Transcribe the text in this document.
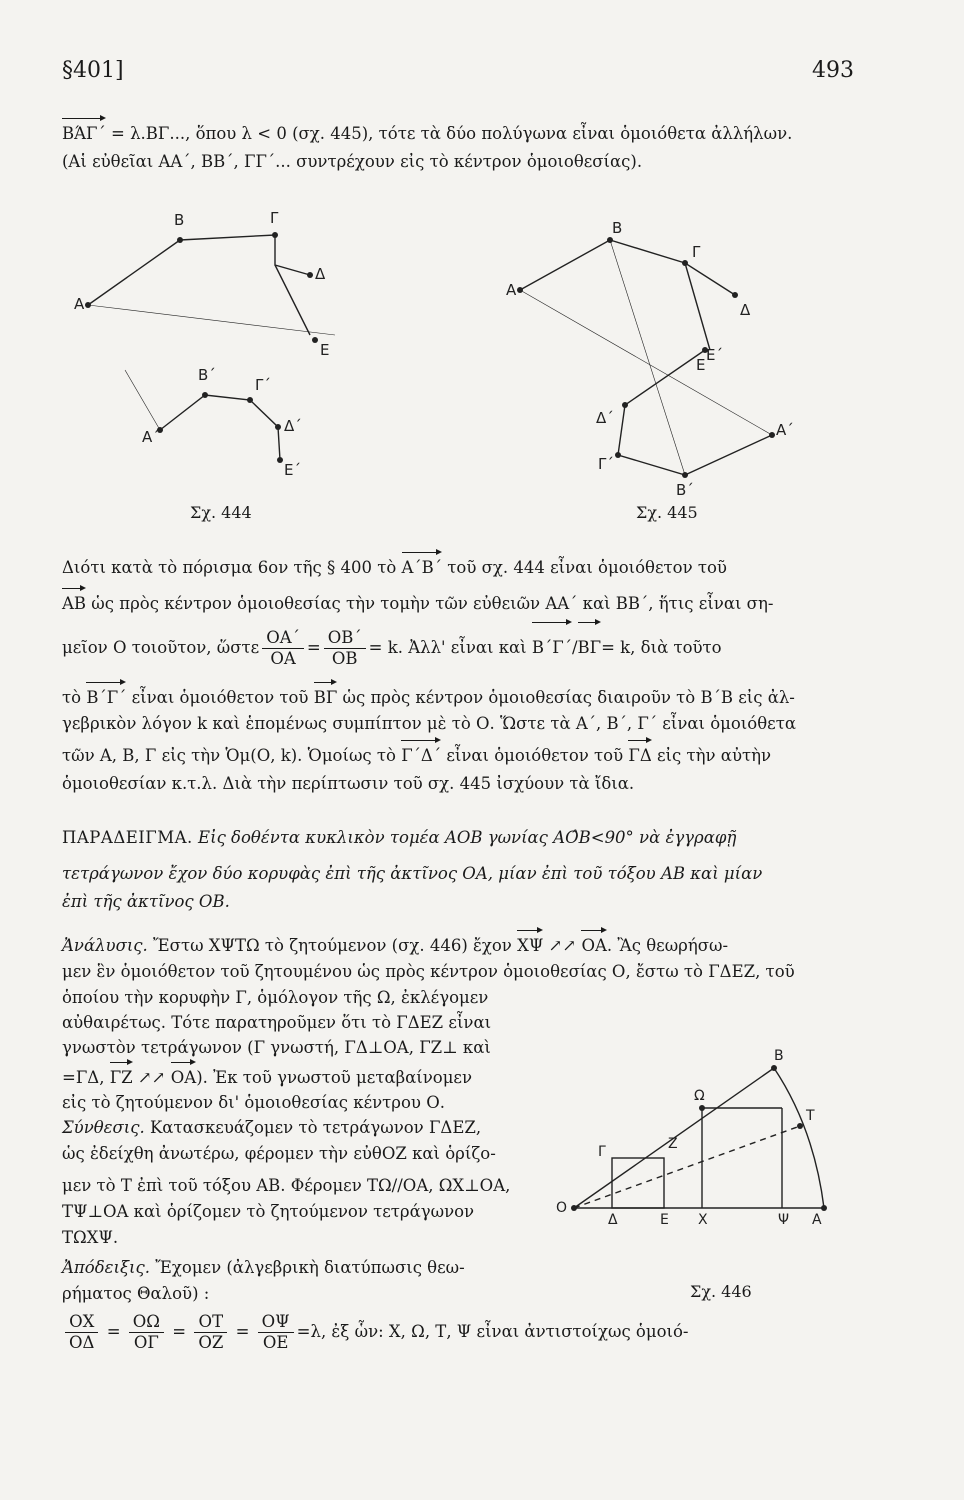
§401]	493
ΒΆΓ΄ = λ.ΒΓ..., ὅπου λ < 0 (σχ. 445), τότε τὰ δύο πολύγωνα εἶναι ὁμοιόθετα ἀλλήλων.
(Αἱ εὐθεῖαι ΑΑ΄, ΒΒ΄, ΓΓ΄... συντρέχουν εἰς τὸ κέντρον ὁμοιοθεσίας).
Α
Β	Γ
Δ
Ε
Α΄
Β΄
Γ΄
Δ΄
Ε΄
Σχ. 444
Α
Β
Γ
Δ
Ε
Ε΄
Δ΄
Γ΄
Β΄
Α΄
Σχ. 445
Διότι κατὰ τὸ πόρισμα 6ον τῆς § 400 τὸ Α΄Β΄ τοῦ σχ. 444 εἶναι ὁμοιόθετον τοῦ
ΑΒ ὡς πρὸς κέντρον ὁμοιοθεσίας τὴν τομὴν τῶν εὐθειῶν ΑΑ΄ καὶ ΒΒ΄, ἥτις εἶναι ση-
μεῖον Ο τοιοῦτον, ὥστε $\frac{OA΄}{OA} = \frac{OB΄}{OB} = k$. Ἀλλ' εἶναι καὶ Β΄Γ΄/ΒΓ= k, διὰ τοῦτο
τὸ Β΄Γ΄ εἶναι ὁμοιόθετον τοῦ ΒΓ ὡς πρὸς κέντρον ὁμοιοθεσίας διαιροῦν τὸ Β΄Β εἰς ἀλ-
γεβρικὸν λόγον k καὶ ἑπομένως συμπίπτον μὲ τὸ Ο. Ὥστε τὰ Α΄, Β΄, Γ΄ εἶναι ὁμοιόθετα
τῶν Α, Β, Γ εἰς τὴν Ὁμ(Ο, k). Ὁμοίως τὸ Γ΄Δ΄ εἶναι ὁμοιόθετον τοῦ ΓΔ εἰς τὴν αὐτὴν
ὁμοιοθεσίαν κ.τ.λ. Διὰ τὴν περίπτωσιν τοῦ σχ. 445 ἰσχύουν τὰ ἴδια.
ΠΑΡΑΔΕΙΓΜΑ. Εἰς δοθέντα κυκλικὸν τομέα ΑΟΒ γωνίας ΑΟ̂Β<90° νὰ ἐγγραφῇ
τετράγωνον ἔχον δύο κορυφὰς ἐπὶ τῆς ἀκτῖνος ΟΑ, μίαν ἐπὶ τοῦ τόξου ΑΒ καὶ μίαν
ἐπὶ τῆς ἀκτῖνος ΟΒ.
Ἀνάλυσις. Ἔστω ΧΨΤΩ τὸ ζητούμενον (σχ. 446) ἔχον ΧΨ ↗↗ ΟΑ. Ἂς θεωρήσω-
μεν ἓν ὁμοιόθετον τοῦ ζητουμένου ὡς πρὸς κέντρον ὁμοιοθεσίας Ο, ἔστω τὸ ΓΔΕΖ, τοῦ
ὁποίου τὴν κορυφὴν Γ, ὁμόλογον τῆς Ω, ἐκλέγομεν
αὐθαιρέτως. Τότε παρατηροῦμεν ὅτι τὸ ΓΔΕΖ εἶναι
γνωστὸν τετράγωνον (Γ γνωστή, ΓΔ⊥ΟΑ, ΓΖ⊥ καὶ
=ΓΔ, ΓΖ ↗↗ ΟΑ). Ἐκ τοῦ γνωστοῦ μεταβαίνομεν
εἰς τὸ ζητούμενον δι' ὁμοιοθεσίας κέντρου Ο.
Σύνθεσις. Κατασκευάζομεν τὸ τετράγωνον ΓΔΕΖ,
ὡς ἐδείχθη ἀνωτέρω, φέρομεν τὴν εὐθΟΖ καὶ ὁρίζο-
μεν τὸ Τ ἐπὶ τοῦ τόξου ΑΒ. Φέρομεν ΤΩ//ΟΑ, ΩΧ⊥ΟΑ,
ΤΨ⊥ΟΑ καὶ ὁρίζομεν τὸ ζητούμενον τετράγωνον
ΤΩΧΨ.
Ἀπόδειξις. Ἔχομεν (ἀλγεβρικὴ διατύπωσις θεω-
ρήματος Θαλοῦ) :
Ο
Δ	Ε Χ	Ψ Α
Γ	Ζ
Ω
Τ
Β
Σχ. 446
$\frac{OX}{O\Delta} = \frac{O\Omega}{O\Gamma} = \frac{OT}{OZ} = \frac{O\Psi}{OE} =\lambda$, ἐξ ὧν: Χ, Ω, Τ, Ψ εἶναι ἀντιστοίχως ὁμοιό-
